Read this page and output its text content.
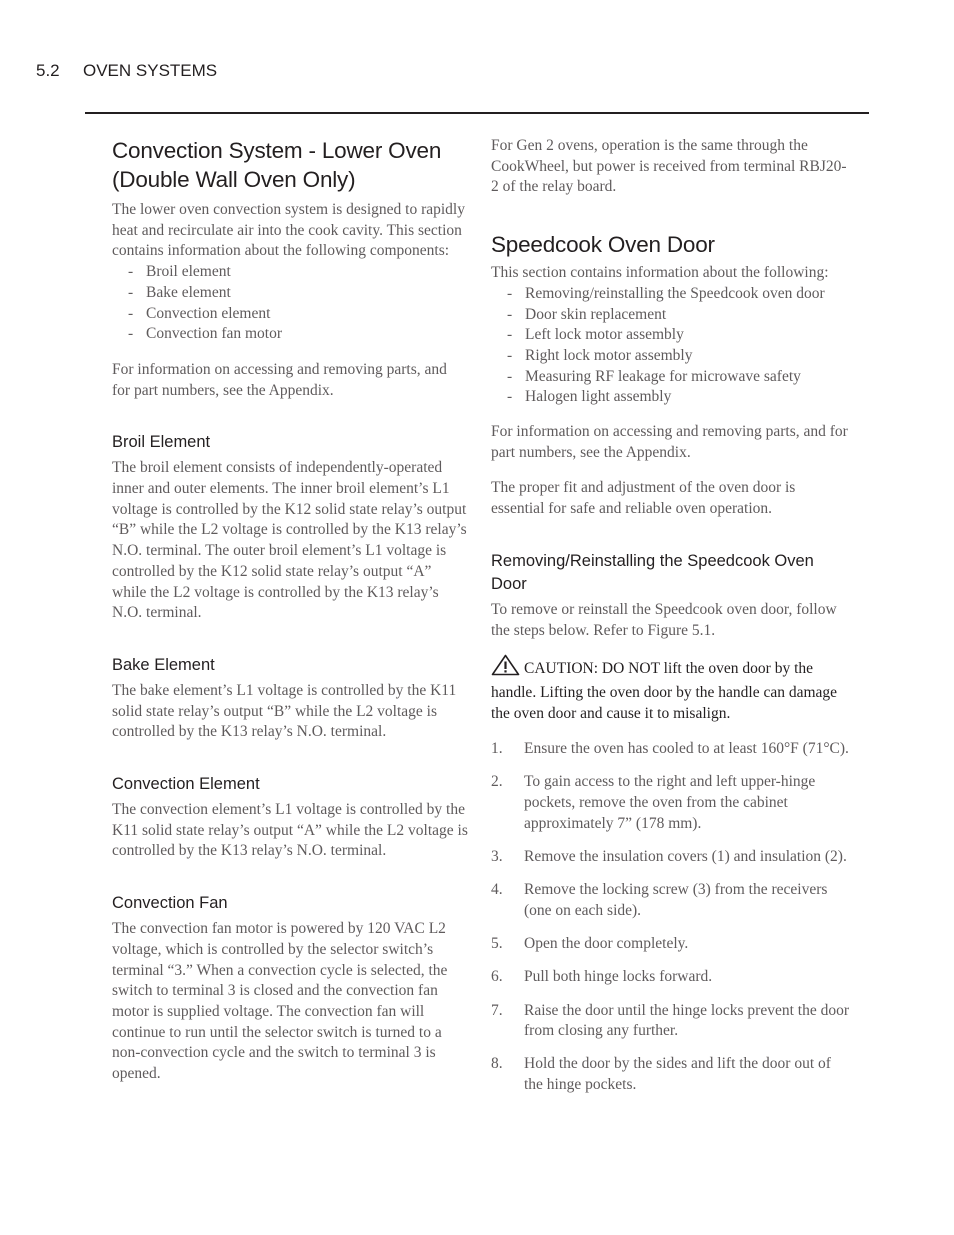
5.2 OVEN SYSTEMS
Convection System - Lower Oven (Double Wall Oven Only)

The lower oven convection system is designed to rapidly heat and recirculate air into the cook cavity. This section contains information about the following components:

- Broil element
- Bake element
- Convection element
- Convection fan motor

For information on accessing and removing parts, and for part numbers, see the Appendix.

Broil Element

The broil element consists of independently-operated inner and outer elements. The inner broil element’s L1 voltage is controlled by the K12 solid state relay’s output “B” while the L2 voltage is controlled by the K13 relay’s N.O. terminal. The outer broil element’s L1 voltage is controlled by the K12 solid state relay’s output “A” while the L2 voltage is controlled by the K13 relay’s N.O. terminal.

Bake Element

The bake element’s L1 voltage is controlled by the K11 solid state relay’s output “B” while the L2 voltage is controlled by the K13 relay’s N.O. terminal.

Convection Element

The convection element’s L1 voltage is controlled by the K11 solid state relay’s output “A” while the L2 voltage is controlled by the K13 relay’s N.O. terminal.

Convection Fan

The convection fan motor is powered by 120 VAC L2 voltage, which is controlled by the selector switch’s terminal “3.” When a convection cycle is selected, the switch to terminal 3 is closed and the convection fan motor is supplied voltage. The convection fan will continue to run until the selector switch is turned to a non-convection cycle and the switch to terminal 3 is opened.

For Gen 2 ovens, operation is the same through the CookWheel, but power is received from terminal RBJ20-2 of the relay board.

Speedcook Oven Door

This section contains information about the following:

- Removing/reinstalling the Speedcook oven door
- Door skin replacement
- Left lock motor assembly
- Right lock motor assembly
- Measuring RF leakage for microwave safety
- Halogen light assembly

For information on accessing and removing parts, and for part numbers, see the Appendix.

The proper fit and adjustment of the oven door is essential for safe and reliable oven operation.

Removing/Reinstalling the Speedcook Oven Door

To remove or reinstall the Speedcook oven door, follow the steps below. Refer to Figure 5.1.

CAUTION: DO NOT lift the oven door by the handle. Lifting the oven door by the handle can damage the oven door and cause it to misalign.
1. Ensure the oven has cooled to at least 160°F (71°C).
2. To gain access to the right and left upper-hinge pockets, remove the oven from the cabinet approximately 7” (178 mm).
3. Remove the insulation covers (1) and insulation (2).
4. Remove the locking screw (3) from the receivers (one on each side).
5. Open the door completely.
6. Pull both hinge locks forward.
7. Raise the door until the hinge locks prevent the door from closing any further.
8. Hold the door by the sides and lift the door out of the hinge pockets.
